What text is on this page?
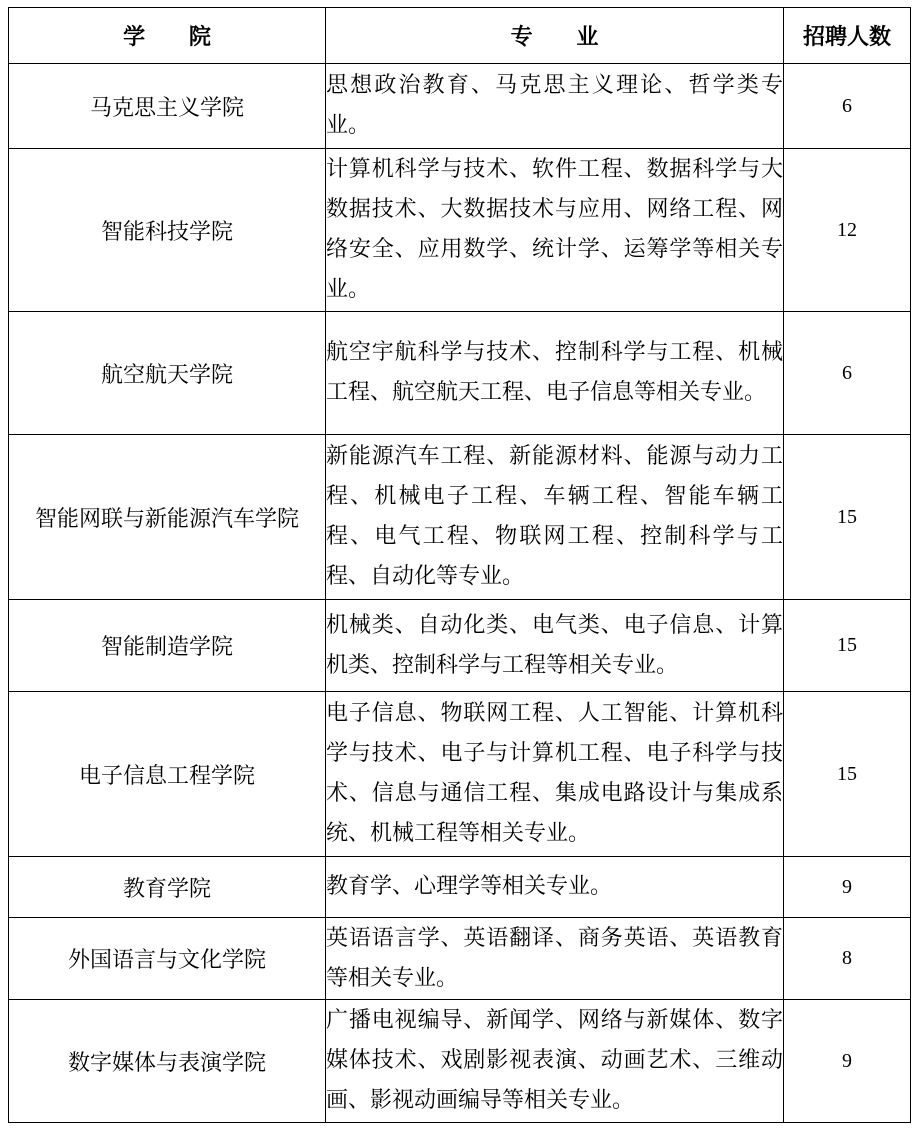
学 院	专 业	招聘人数
马克思主义学院	思想政治教育、马克思主义理论、哲学类专业。	6
智能科技学院	计算机科学与技术、软件工程、数据科学与大数据技术、大数据技术与应用、网络工程、网络安全、应用数学、统计学、运筹学等相关专业。	12
航空航天学院	航空宇航科学与技术、控制科学与工程、机械工程、航空航天工程、电子信息等相关专业。	6
智能网联与新能源汽车学院	新能源汽车工程、新能源材料、能源与动力工程、机械电子工程、车辆工程、智能车辆工程、电气工程、物联网工程、控制科学与工程、自动化等专业。	15
智能制造学院	机械类、自动化类、电气类、电子信息、计算机类、控制科学与工程等相关专业。	15
电子信息工程学院	电子信息、物联网工程、人工智能、计算机科学与技术、电子与计算机工程、电子科学与技术、信息与通信工程、集成电路设计与集成系统、机械工程等相关专业。	15
教育学院	教育学、心理学等相关专业。	9
外国语言与文化学院	英语语言学、英语翻译、商务英语、英语教育等相关专业。	8
数字媒体与表演学院	广播电视编导、新闻学、网络与新媒体、数字媒体技术、戏剧影视表演、动画艺术、三维动画、影视动画编导等相关专业。	9
